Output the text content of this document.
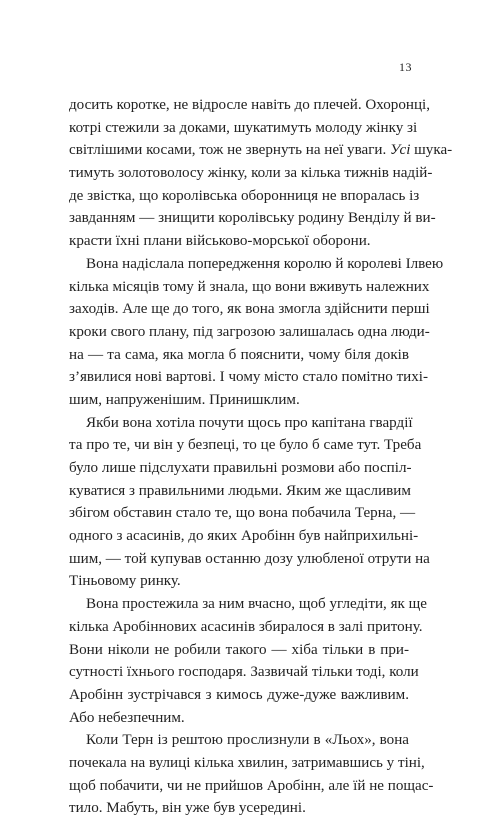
13
досить коротке, не відросле навіть до плечей. Охоронці,
котрі стежили за доками, шукатимуть молоду жінку зі
світлішими косами, тож не звернуть на неї уваги. Усі шука-
тимуть золотоволосу жінку, коли за кілька тижнів надій-
де звістка, що королівська оборонниця не впоралась із
завданням — знищити королівську родину Венділу й ви-
красти їхні плани військово-морської оборони.
Вона надіслала попередження королю й королеві Ілвею
кілька місяців тому й знала, що вони вживуть належних
заходів. Але ще до того, як вона змогла здійснити перші
кроки свого плану, під загрозою залишалась одна люди-
на — та сама, яка могла б пояснити, чому біля доків
з’явилися нові вартові. І чому місто стало помітно тихі-
шим, напруженішим. Принишклим.
Якби вона хотіла почути щось про капітана гвардії
та про те, чи він у безпеці, то це було б саме тут. Треба
було лише підслухати правильні розмови або поспіл-
куватися з правильними людьми. Яким же щасливим
збігом обставин стало те, що вона побачила Терна, —
одного з асасинів, до яких Аробінн був найприхильні-
шим, — той купував останню дозу улюбленої отрути на
Тіньовому ринку.
Вона простежила за ним вчасно, щоб угледіти, як ще
кілька Аробіннових асасинів збиралося в залі притону.
Вони ніколи не робили такого — хіба тільки в при-
сутності їхнього господаря. Зазвичай тільки тоді, коли
Аробінн зустрічався з кимось дуже-дуже важливим.
Або небезпечним.
Коли Терн із рештою прослизнули в «Льох», вона
почекала на вулиці кілька хвилин, затримавшись у тіні,
щоб побачити, чи не прийшов Аробінн, але їй не пощас-
тило. Мабуть, він уже був усередині.
